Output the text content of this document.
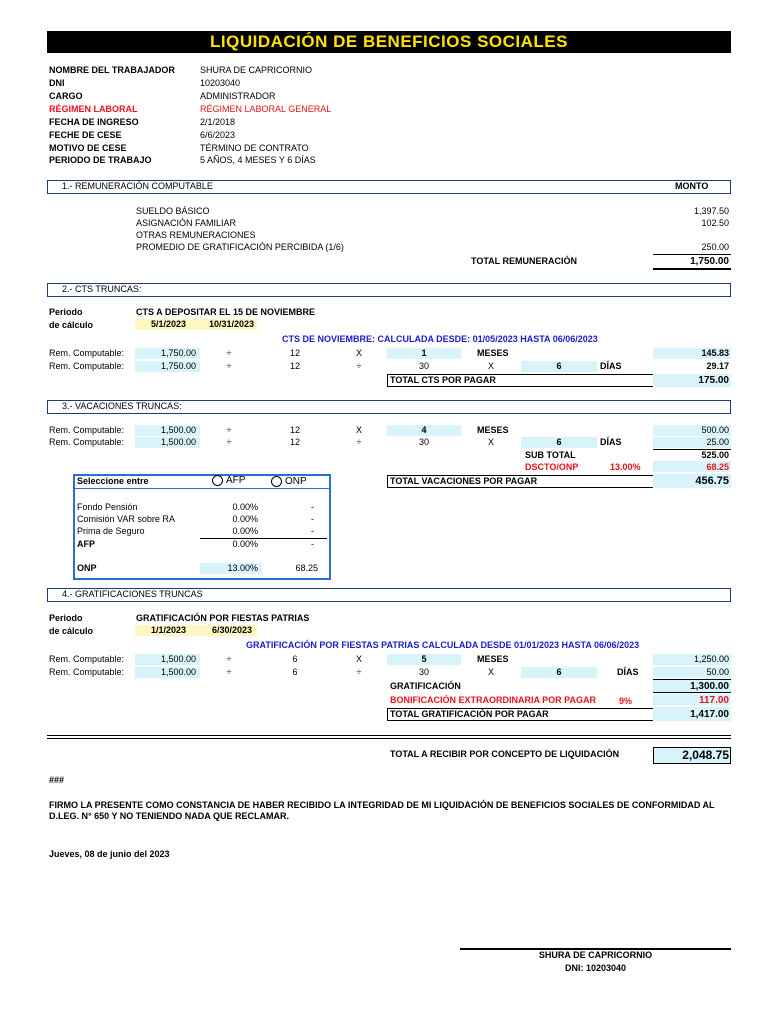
LIQUIDACIÓN DE BENEFICIOS SOCIALES
NOMBRE DEL TRABAJADOR	SHURA DE CAPRICORNIO
DNI	10203040
CARGO	ADMINISTRADOR
RÉGIMEN LABORAL	RÉGIMEN LABORAL GENERAL
FECHA DE INGRESO	2/1/2018
FECHE DE CESE	6/6/2023
MOTIVO DE CESE	TÉRMINO DE CONTRATO
PERIODO DE TRABAJO	5 AÑOS, 4 MESES Y 6 DÍAS
1.- REMUNERACIÓN COMPUTABLE	MONTO
SUELDO BÁSICO	1,397.50
ASIGNACIÓN FAMILIAR	102.50
OTRAS REMUNERACIONES
PROMEDIO DE GRATIFICACIÓN PERCIBIDA (1/6)	250.00
TOTAL REMUNERACIÓN	1,750.00
2.- CTS TRUNCAS:
Periodo
de cálculo
CTS A DEPOSITAR EL 15 DE NOVIEMBRE
5/1/2023	10/31/2023
CTS DE NOVIEMBRE: CALCULADA DESDE: 01/05/2023 HASTA 06/06/2023
Rem. Computable:	1,750.00	÷	12	X	1	MESES	145.83
Rem. Computable:	1,750.00	÷	12	÷	30	X	6	DÍAS	29.17
TOTAL CTS POR PAGAR	175.00
3.- VACACIONES TRUNCAS:
Rem. Computable:	1,500.00	÷	12	X	4	MESES	500.00
Rem. Computable:	1,500.00	÷	12	÷	30	X	6	DÍAS	25.00
SUB TOTAL	525.00
DSCTO/ONP	13.00%	68.25
TOTAL VACACIONES POR PAGAR	456.75
Seleccione entre	AFP	ONP
Fondo Pensión	0.00%	-
Comisión VAR sobre RA	0.00%	-
Prima de Seguro	0.00%	-
AFP	0.00%	-
ONP	13.00%	68.25
4.- GRATIFICACIONES TRUNCAS
Periodo
de cálculo
GRATIFICACIÓN POR FIESTAS PATRIAS
1/1/2023	6/30/2023
GRATIFICACIÓN POR FIESTAS PATRIAS CALCULADA DESDE 01/01/2023 HASTA 06/06/2023
Rem. Computable:	1,500.00	÷	6	X	5	MESES	1,250.00
Rem. Computable:	1,500.00	÷	6	÷	30	X	6	DÍAS	50.00
GRATIFICACIÓN	1,300.00
BONIFICACIÓN EXTRAORDINARIA POR PAGAR	9%	117.00
TOTAL GRATIFICACIÓN POR PAGAR	1,417.00
TOTAL A RECIBIR POR CONCEPTO DE LIQUIDACIÓN	2,048.75
###
FIRMO LA PRESENTE COMO CONSTANCIA DE HABER RECIBIDO LA INTEGRIDAD DE MI LIQUIDACIÓN DE BENEFICIOS SOCIALES DE CONFORMIDAD AL D.LEG. N° 650 Y NO TENIENDO NADA QUE RECLAMAR.
Jueves, 08 de junio del 2023
SHURA DE CAPRICORNIO
DNI: 10203040
